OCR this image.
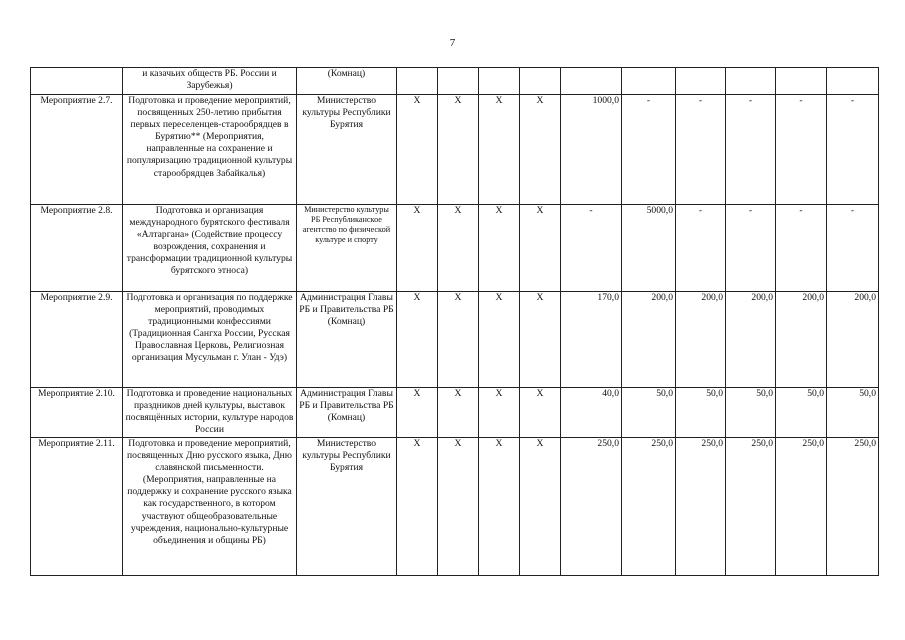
7
	и казачьих обществ РБ. России и Зарубежья)	(Комнац)										
Мероприятие 2.7.	Подготовка и проведение мероприятий, посвященных 250-летию прибытия первых переселенцев-старообрядцев в Бурятию** (Мероприятия, направленные на сохранение и популяризацию традиционной культуры старообрядцев Забайкалья)	Министерство культуры Республики Бурятия	X	X	X	X	1000,0	-	-	-	-	-
Мероприятие 2.8.	Подготовка и организация международного бурятского фестиваля «Алтаргана» (Содействие процессу возрождения, сохранения и трансформации традиционной культуры бурятского этноса)	Министерство культуры РБ Республиканское агентство по физической культуре и спорту	X	X	X	X	-	5000,0	-	-	-	-
Мероприятие 2.9.	Подготовка и организация по поддержке мероприятий, проводимых традиционными конфессиями (Традиционная Сангха России, Русская Православная Церковь, Религиозная организация Мусульман г. Улан - Удэ)	Администрация Главы РБ и Правительства РБ (Комнац)	X	X	X	X	170,0	200,0	200,0	200,0	200,0	200,0
Мероприятие 2.10.	Подготовка и проведение национальных праздников дней культуры, выставок посвящённых истории, культуре народов России	Администрация Главы РБ и Правительства РБ (Комнац)	X	X	X	X	40,0	50,0	50,0	50,0	50,0	50,0
Мероприятие 2.11.	Подготовка и проведение мероприятий, посвященных Дню русского языка, Дню славянской письменности. (Мероприятия, направленные на поддержку и сохранение русского языка как государственного, в котором участвуют общеобразовательные учреждения, национально-культурные объединения и общины РБ)	Министерство культуры Республики Бурятия	X	X	X	X	250,0	250,0	250,0	250,0	250,0	250,0
